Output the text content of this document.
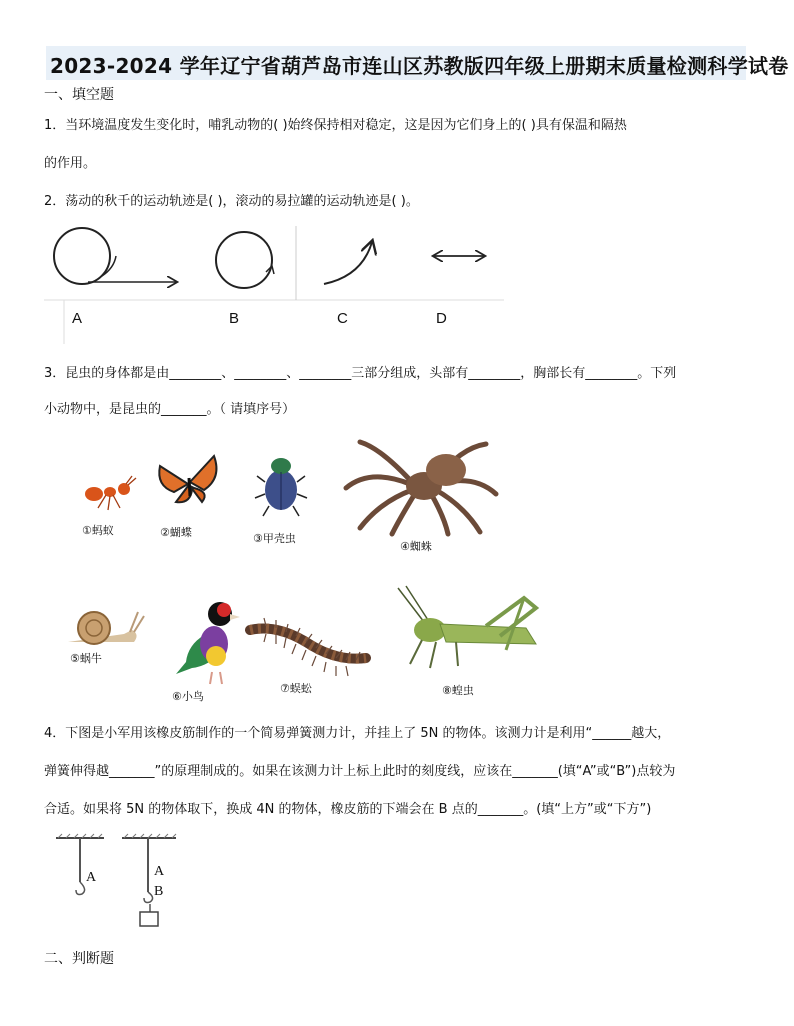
2023-2024 学年辽宁省葫芦岛市连山区苏教版四年级上册期末质量检测科学试卷
一、填空题
1．当环境温度发生变化时，哺乳动物的( )始终保持相对稳定，这是因为它们身上的( )具有保温和隔热
的作用。
2．荡动的秋千的运动轨迹是( )，滚动的易拉罐的运动轨迹是( )。
A	B	C	D
3．昆虫的身体都是由________、________、________三部分组成，头部有________，胸部长有________。下列
小动物中，是昆虫的_______。（ 请填序号）
①蚂蚁	②蝴蝶	③甲壳虫
④蜘蛛
⑤蜗牛
⑥小鸟
⑦蜈蚣	⑧蝗虫
4．下图是小军用该橡皮筋制作的一个简易弹簧测力计，并挂上了 5N 的物体。该测力计是利用“______越大，
弹簧伸得越_______”的原理制成的。如果在该测力计上标上此时的刻度线，应该在_______(填“A”或“B”)点较为
合适。如果将 5N 的物体取下，换成 4N 的物体，橡皮筋的下端会在 B 点的_______。(填“上方”或“下方”)
A	A
B
二、判断题
